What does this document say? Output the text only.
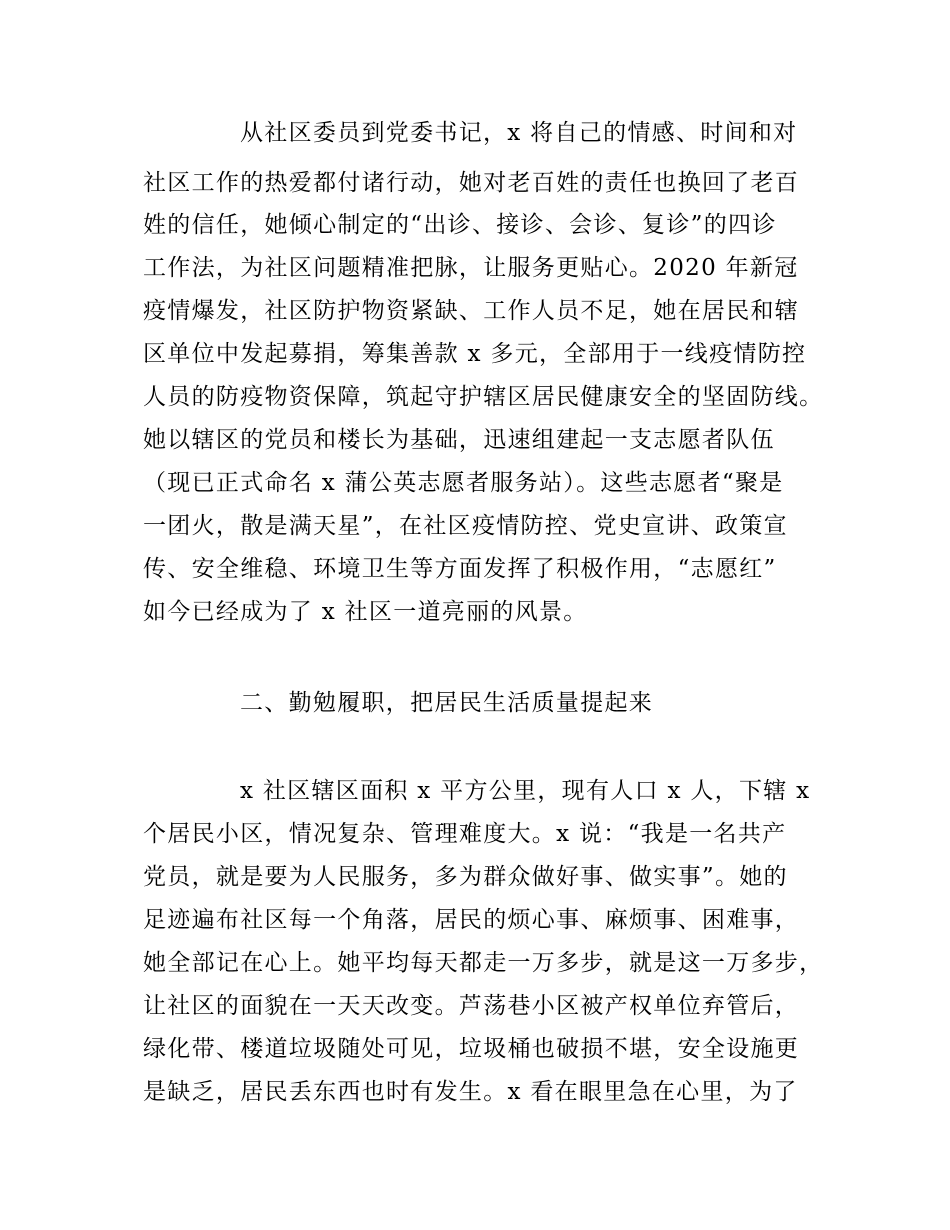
从社区委员到党委书记，x 将自己的情感、时间和对
社区工作的热爱都付诸行动，她对老百姓的责任也换回了老百
姓的信任，她倾心制定的“出诊、接诊、会诊、复诊”的四诊
工作法，为社区问题精准把脉，让服务更贴心。2020 年新冠
疫情爆发，社区防护物资紧缺、工作人员不足，她在居民和辖
区单位中发起募捐，筹集善款 x 多元，全部用于一线疫情防控
人员的防疫物资保障，筑起守护辖区居民健康安全的坚固防线。
她以辖区的党员和楼长为基础，迅速组建起一支志愿者队伍
（现已正式命名 x 蒲公英志愿者服务站）。这些志愿者“聚是
一团火，散是满天星”，在社区疫情防控、党史宣讲、政策宣
传、安全维稳、环境卫生等方面发挥了积极作用，“志愿红”
如今已经成为了 x 社区一道亮丽的风景。
二、勤勉履职，把居民生活质量提起来
x 社区辖区面积 x 平方公里，现有人口 x 人，下辖 x
个居民小区，情况复杂、管理难度大。x 说：“我是一名共产
党员，就是要为人民服务，多为群众做好事、做实事”。她的
足迹遍布社区每一个角落，居民的烦心事、麻烦事、困难事，
她全部记在心上。她平均每天都走一万多步，就是这一万多步，
让社区的面貌在一天天改变。芦荡巷小区被产权单位弃管后，
绿化带、楼道垃圾随处可见，垃圾桶也破损不堪，安全设施更
是缺乏，居民丢东西也时有发生。x 看在眼里急在心里，为了
